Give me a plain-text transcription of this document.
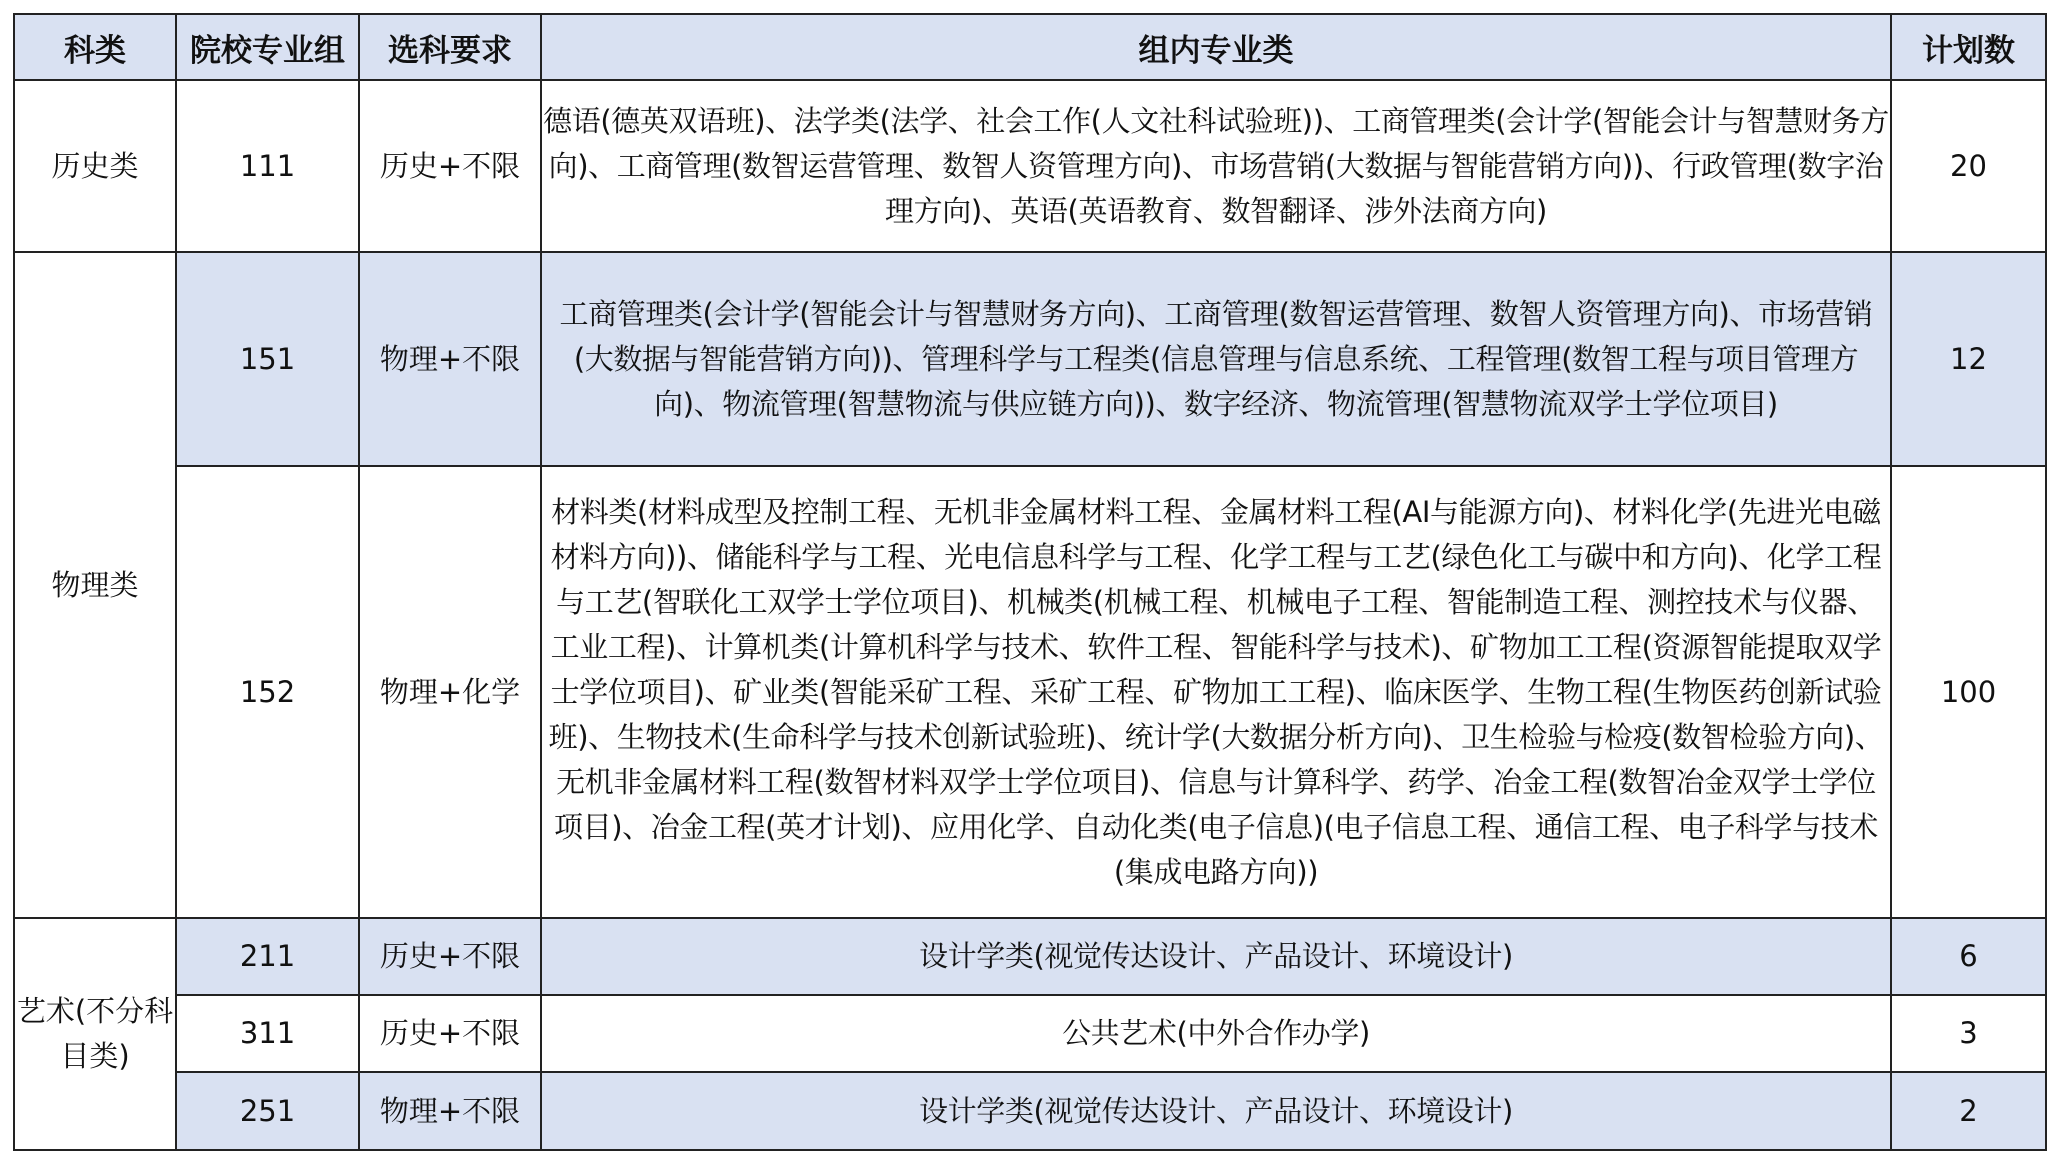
科类	院校专业组	选科要求	组内专业类	计划数
历史类	111	历史+不限	德语(德英双语班)、法学类(法学、社会工作(人文社科试验班))、工商管理类(会计学(智能会计与智慧财务方向)、工商管理(数智运营管理、数智人资管理方向)、市场营销(大数据与智能营销方向))、行政管理(数字治理方向)、英语(英语教育、数智翻译、涉外法商方向)	20
物理类	151	物理+不限	工商管理类(会计学(智能会计与智慧财务方向)、工商管理(数智运营管理、数智人资管理方向)、市场营销(大数据与智能营销方向))、管理科学与工程类(信息管理与信息系统、工程管理(数智工程与项目管理方向)、物流管理(智慧物流与供应链方向))、数字经济、物流管理(智慧物流双学士学位项目)	12
	152	物理+化学	材料类(材料成型及控制工程、无机非金属材料工程、金属材料工程(AI与能源方向)、材料化学(先进光电磁材料方向))、储能科学与工程、光电信息科学与工程、化学工程与工艺(绿色化工与碳中和方向)、化学工程与工艺(智联化工双学士学位项目)、机械类(机械工程、机械电子工程、智能制造工程、测控技术与仪器、工业工程)、计算机类(计算机科学与技术、软件工程、智能科学与技术)、矿物加工工程(资源智能提取双学士学位项目)、矿业类(智能采矿工程、采矿工程、矿物加工工程)、临床医学、生物工程(生物医药创新试验班)、生物技术(生命科学与技术创新试验班)、统计学(大数据分析方向)、卫生检验与检疫(数智检验方向)、无机非金属材料工程(数智材料双学士学位项目)、信息与计算科学、药学、冶金工程(数智冶金双学士学位项目)、冶金工程(英才计划)、应用化学、自动化类(电子信息)(电子信息工程、通信工程、电子科学与技术(集成电路方向))	100
艺术(不分科目类)	211	历史+不限	设计学类(视觉传达设计、产品设计、环境设计)	6
	311	历史+不限	公共艺术(中外合作办学)	3
	251	物理+不限	设计学类(视觉传达设计、产品设计、环境设计)	2
